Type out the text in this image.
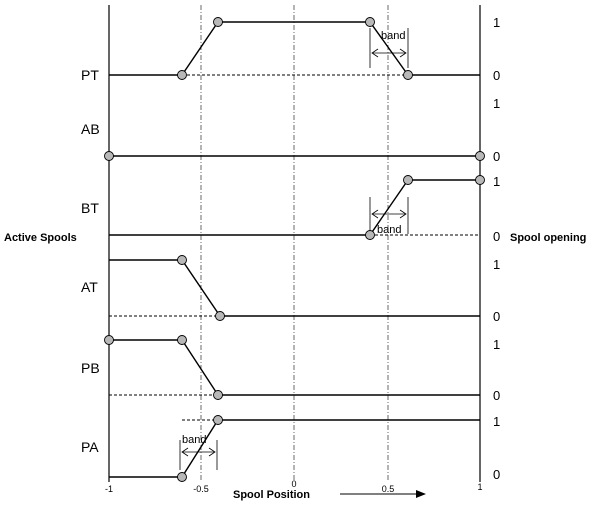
band
band
band
PT
AB
BT
AT
PB
PA
1
0
1
0
1
0
1
0
1
0
1
0
Active Spools	Spool opening
-1	-0.5	0	0.5	1
Spool Position
